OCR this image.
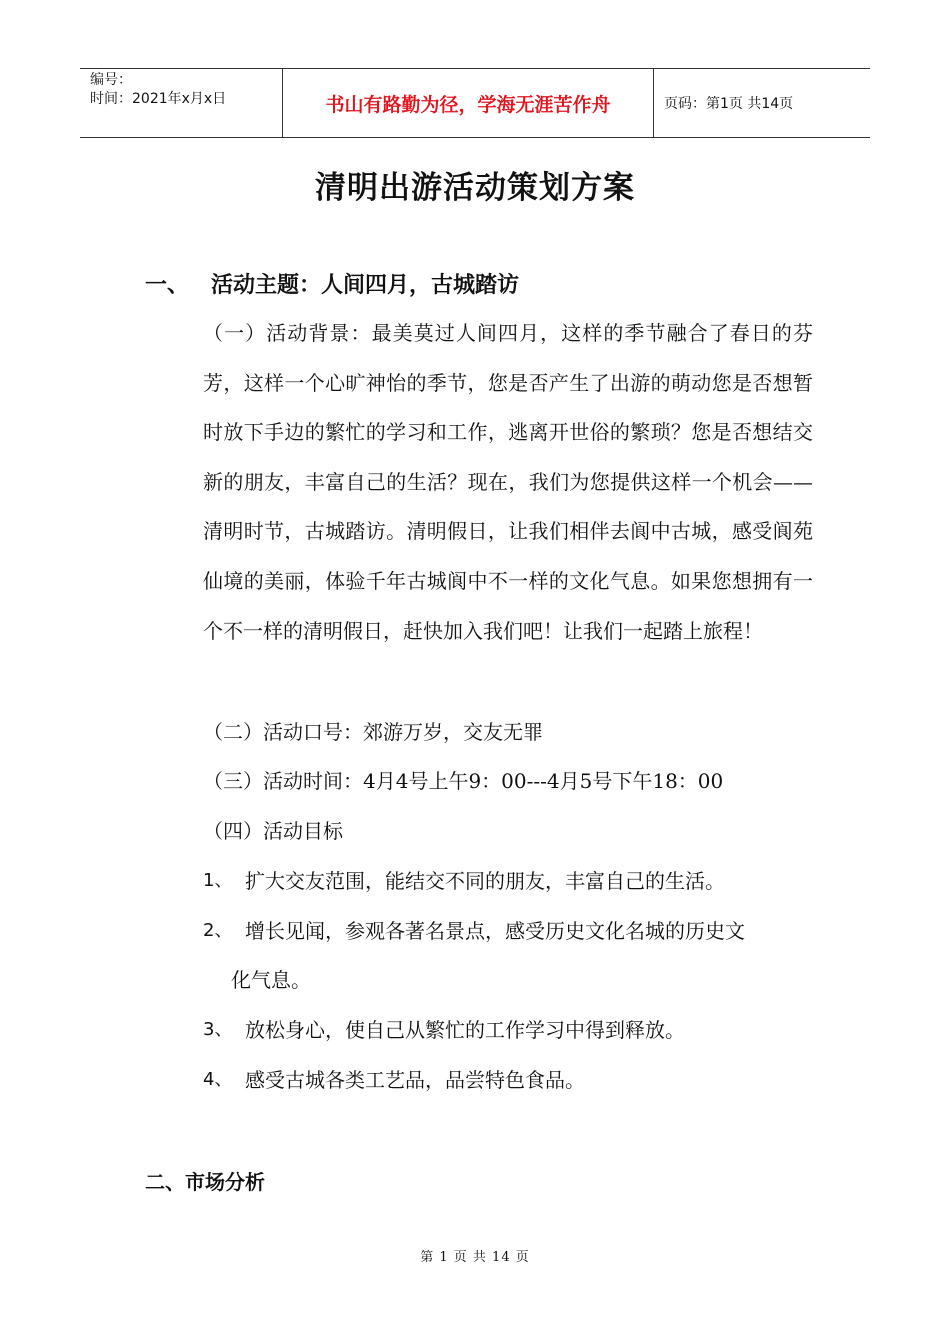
编号：
时间：2021年x月x日	书山有路勤为径，学海无涯苦作舟	页码：第1页 共14页
清明出游活动策划方案
一、 活动主题：人间四月，古城踏访
（一）活动背景：最美莫过人间四月，这样的季节融合了春日的芬芳，这样一个心旷神怡的季节，您是否产生了出游的萌动您是否想暂时放下手边的繁忙的学习和工作，逃离开世俗的繁琐？您是否想结交新的朋友，丰富自己的生活？现在，我们为您提供这样一个机会——清明时节，古城踏访。清明假日，让我们相伴去阆中古城，感受阆苑仙境的美丽，体验千年古城阆中不一样的文化气息。如果您想拥有一个不一样的清明假日，赶快加入我们吧！让我们一起踏上旅程！
（二）活动口号：郊游万岁，交友无罪
（三）活动时间：4月4号上午9：00---4月5号下午18：00
（四）活动目标
1、 扩大交友范围，能结交不同的朋友，丰富自己的生活。
2、 增长见闻，参观各著名景点，感受历史文化名城的历史文
化气息。
3、 放松身心，使自己从繁忙的工作学习中得到释放。
4、 感受古城各类工艺品，品尝特色食品。
二、市场分析
第 1 页 共 14 页
